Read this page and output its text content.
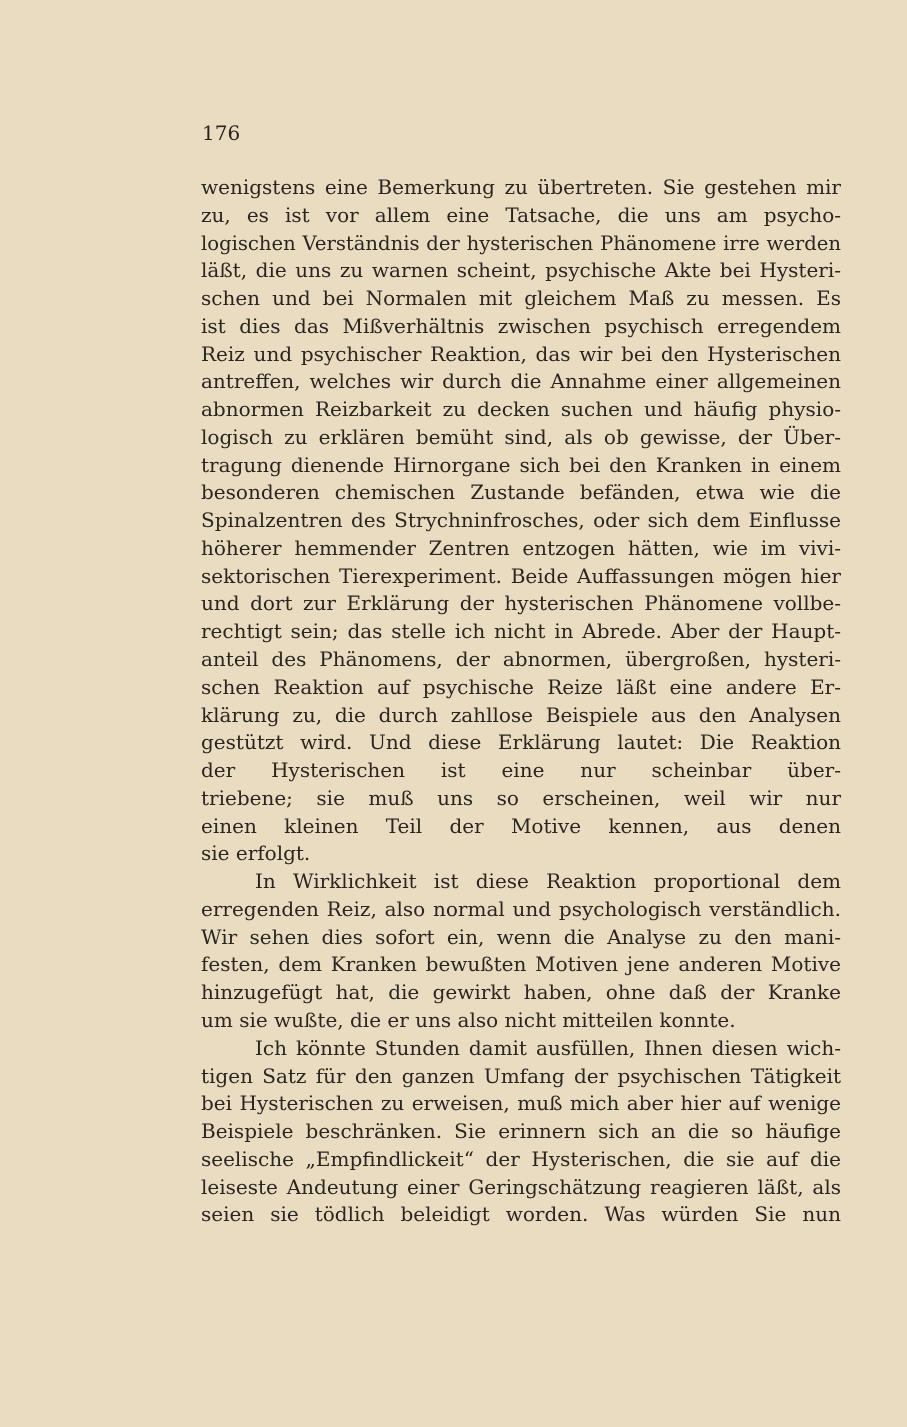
176
wenigstens eine Bemerkung zu übertreten. Sie gestehen mir
zu, es ist vor allem eine Tatsache, die uns am psycho-
logischen Verständnis der hysterischen Phänomene irre werden
läßt, die uns zu warnen scheint, psychische Akte bei Hysteri-
schen und bei Normalen mit gleichem Maß zu messen. Es
ist dies das Mißverhältnis zwischen psychisch erregendem
Reiz und psychischer Reaktion, das wir bei den Hysterischen
antreffen, welches wir durch die Annahme einer allgemeinen
abnormen Reizbarkeit zu decken suchen und häufig physio-
logisch zu erklären bemüht sind, als ob gewisse, der Über-
tragung dienende Hirnorgane sich bei den Kranken in einem
besonderen chemischen Zustande befänden, etwa wie die
Spinalzentren des Strychninfrosches, oder sich dem Einflusse
höherer hemmender Zentren entzogen hätten, wie im vivi-
sektorischen Tierexperiment. Beide Auffassungen mögen hier
und dort zur Erklärung der hysterischen Phänomene vollbe-
rechtigt sein; das stelle ich nicht in Abrede. Aber der Haupt-
anteil des Phänomens, der abnormen, übergroßen, hysteri-
schen Reaktion auf psychische Reize läßt eine andere Er-
klärung zu, die durch zahllose Beispiele aus den Analysen
gestützt wird. Und diese Erklärung lautet: Die Reaktion
der Hysterischen ist eine nur scheinbar über-
triebene; sie muß uns so erscheinen, weil wir nur
einen kleinen Teil der Motive kennen, aus denen
sie erfolgt.
In Wirklichkeit ist diese Reaktion proportional dem
erregenden Reiz, also normal und psychologisch verständlich.
Wir sehen dies sofort ein, wenn die Analyse zu den mani-
festen, dem Kranken bewußten Motiven jene anderen Motive
hinzugefügt hat, die gewirkt haben, ohne daß der Kranke
um sie wußte, die er uns also nicht mitteilen konnte.
Ich könnte Stunden damit ausfüllen, Ihnen diesen wich-
tigen Satz für den ganzen Umfang der psychischen Tätigkeit
bei Hysterischen zu erweisen, muß mich aber hier auf wenige
Beispiele beschränken. Sie erinnern sich an die so häufige
seelische „Empfindlickeit“ der Hysterischen, die sie auf die
leiseste Andeutung einer Geringschätzung reagieren läßt, als
seien sie tödlich beleidigt worden. Was würden Sie nun
